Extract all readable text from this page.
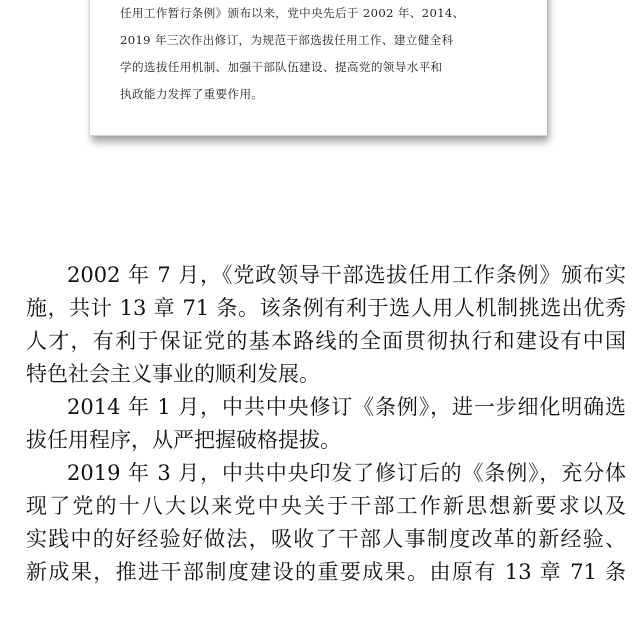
任用工作暂行条例》颁布以来，党中央先后于 2002 年、2014、
2019 年三次作出修订，为规范干部选拔任用工作、建立健全科
学的选拔任用机制、加强干部队伍建设、提高党的领导水平和
执政能力发挥了重要作用。
2002 年 7 月，《党政领导干部选拔任用工作条例》颁布实
施，共计 13 章 71 条。该条例有利于选人用人机制挑选出优秀
人才，有利于保证党的基本路线的全面贯彻执行和建设有中国
特色社会主义事业的顺利发展。
2014 年 1 月，中共中央修订《条例》，进一步细化明确选
拔任用程序，从严把握破格提拔。
2019 年 3 月，中共中央印发了修订后的《条例》，充分体
现了党的十八大以来党中央关于干部工作新思想新要求以及
实践中的好经验好做法，吸收了干部人事制度改革的新经验、
新成果，推进干部制度建设的重要成果。由原有 13 章 71 条
